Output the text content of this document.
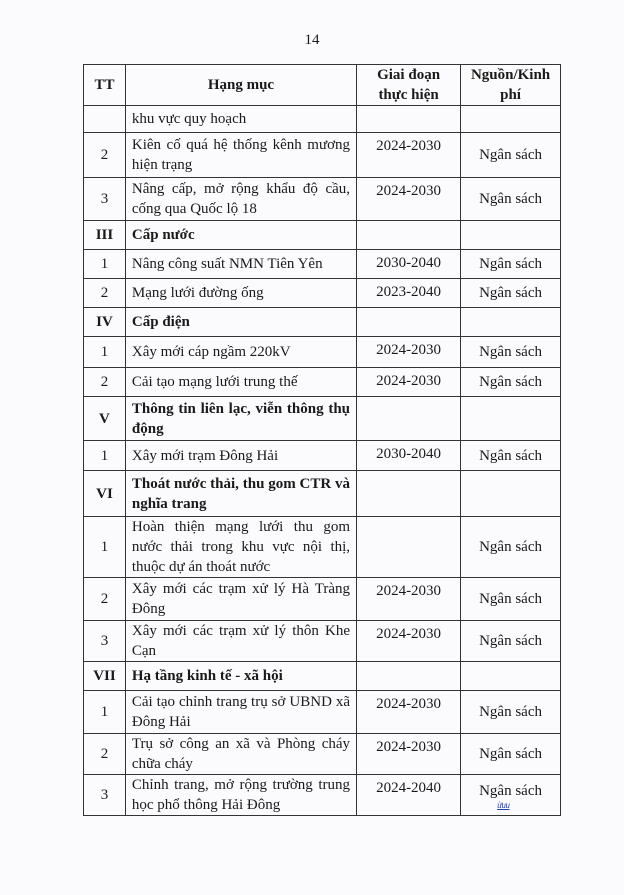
14
TT	Hạng mục	Giai đoạn thực hiện	Nguồn/Kinh phí

	khu vực quy hoạch		

2	Kiên cố quá hệ thống kênh mương hiện trạng	2024-2030	Ngân sách

3	Nâng cấp, mở rộng khẩu độ cầu, cống qua Quốc lộ 18	2024-2030	Ngân sách

III	Cấp nước		

1	Nâng công suất NMN Tiên Yên	2030-2040	Ngân sách

2	Mạng lưới đường ống	2023-2040	Ngân sách

IV	Cấp điện		

1	Xây mới cáp ngầm 220kV	2024-2030	Ngân sách

2	Cải tạo mạng lưới trung thế	2024-2030	Ngân sách

V	Thông tin liên lạc, viễn thông thụ động		

1	Xây mới trạm Đông Hải	2030-2040	Ngân sách

VI	Thoát nước thải, thu gom CTR và nghĩa trang		

1	Hoàn thiện mạng lưới thu gom nước thải trong khu vực nội thị, thuộc dự án thoát nước		Ngân sách

2	Xây mới các trạm xử lý Hà Tràng Đông	2024-2030	Ngân sách

3	Xây mới các trạm xử lý thôn Khe Cạn	2024-2030	Ngân sách

VII	Hạ tầng kinh tế - xã hội		

1	Cải tạo chỉnh trang trụ sở UBND xã Đông Hải	2024-2030	Ngân sách

2	Trụ sở công an xã và Phòng cháy chữa cháy	2024-2030	Ngân sách

3	Chỉnh trang, mở rộng trường trung học phổ thông Hải Đông	2024-2040	Ngân sách
ừuu
